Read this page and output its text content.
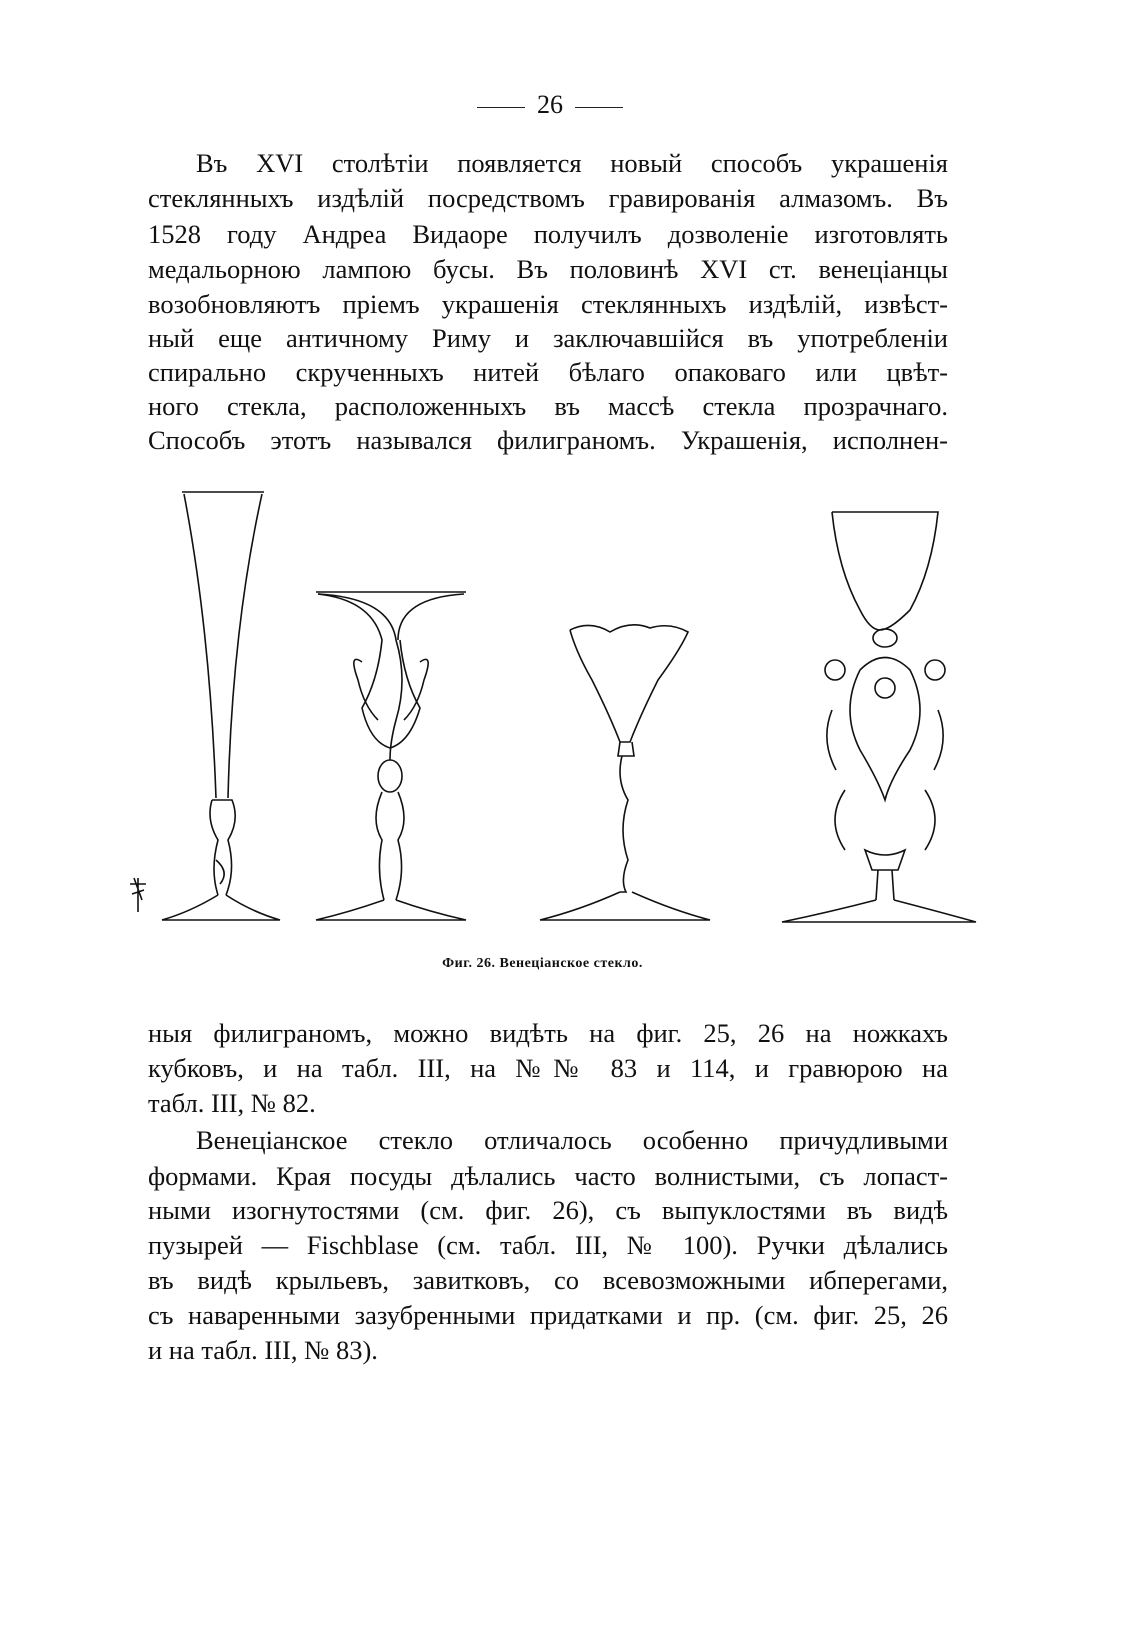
26
Въ XVI столѣтіи появляется новый способъ украшенія
стеклянныхъ издѣлій посредствомъ гравированія алмазомъ. Въ
1528 году Андреа Видаоре получилъ дозволеніе изготовлять
медальорною лампою бусы. Въ половинѣ XVI ст. венеціанцы
возобновляютъ пріемъ украшенія стеклянныхъ издѣлій, извѣст-
ный еще античному Риму и заключавшійся въ употребленіи
спирально скрученныхъ нитей бѣлаго опаковаго или цвѣт-
ного стекла, расположенныхъ въ массѣ стекла прозрачнаго.
Способъ этотъ назывался филиграномъ. Украшенія, исполнен-
Фиг. 26. Венеціанское стекло.
ныя филиграномъ, можно видѣть на фиг. 25, 26 на ножкахъ
кубковъ, и на табл. III, на №№ 83 и 114, и гравюрою на
табл. III, № 82.
Венеціанское стекло отличалось особенно причудливыми
формами. Края посуды дѣлались часто волнистыми, съ лопаст-
ными изогнутостями (см. фиг. 26), съ выпуклостями въ видѣ
пузырей — Fischblase (см. табл. III, № 100). Ручки дѣлались
въ видѣ крыльевъ, завитковъ, со всевозможными ибперегами,
съ наваренными зазубренными придатками и пр. (см. фиг. 25, 26
и на табл. III, № 83).
